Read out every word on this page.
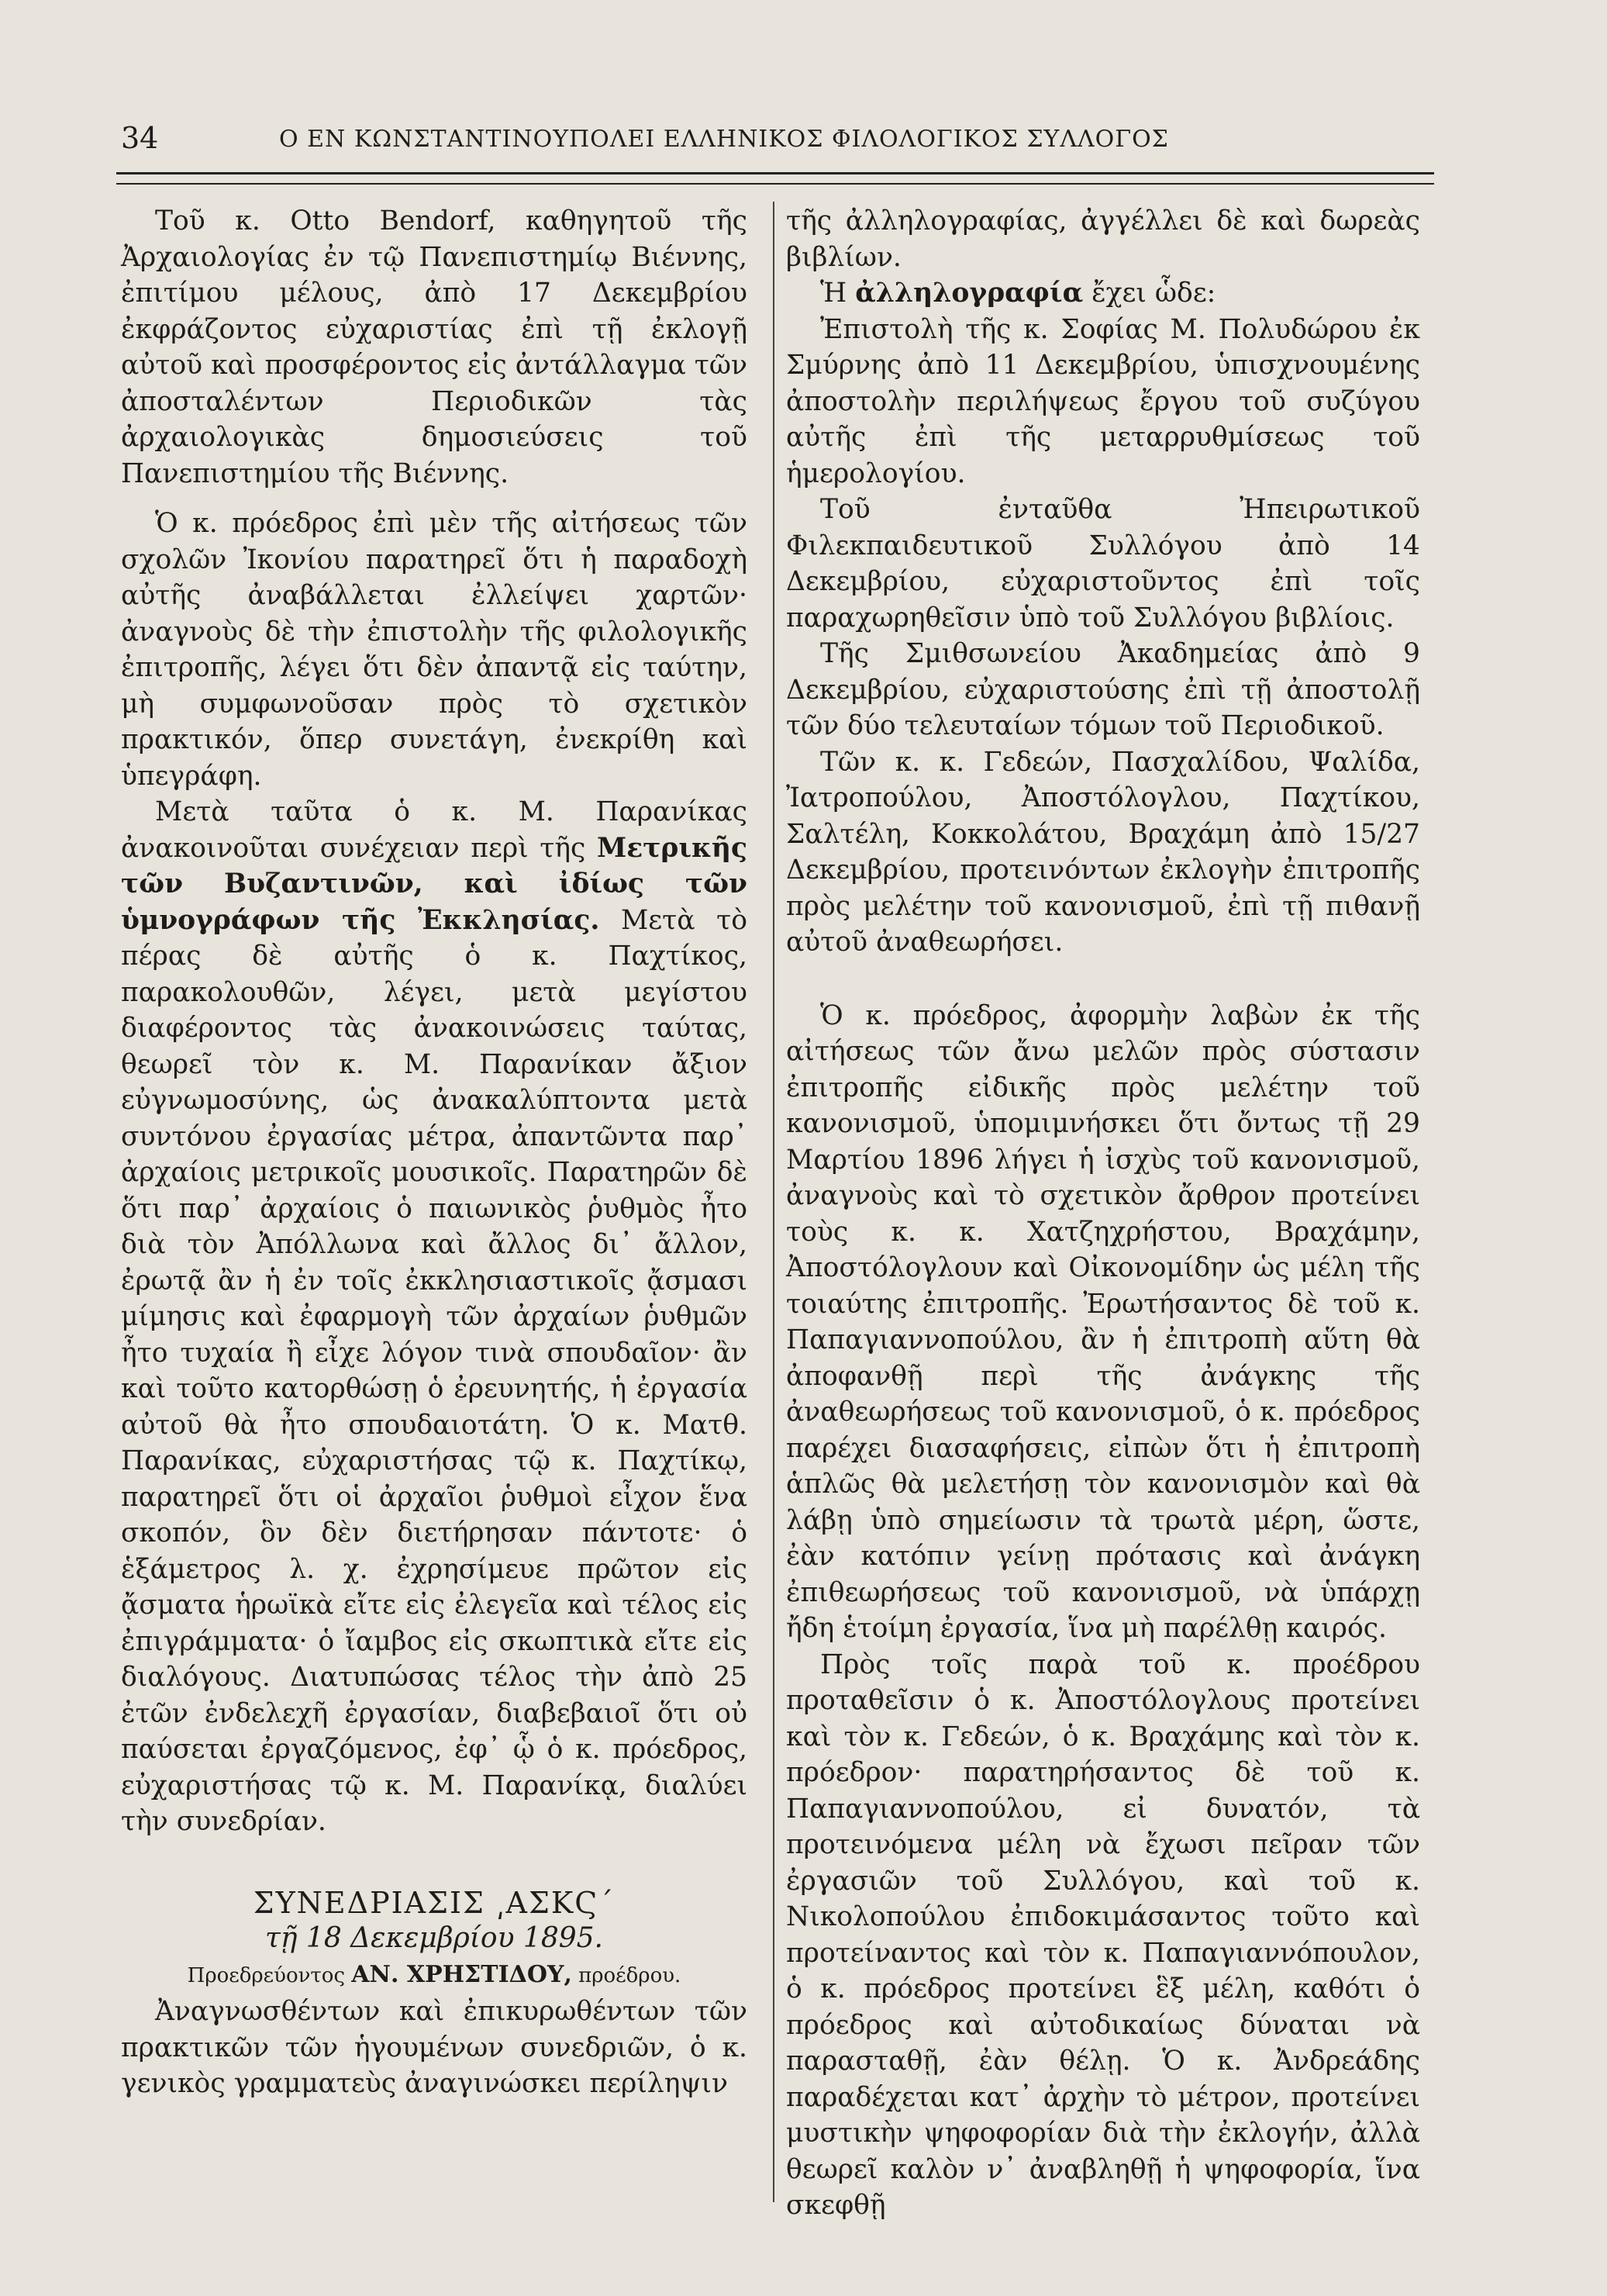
34	Ο ΕΝ ΚΩΝΣΤΑΝΤΙΝΟΥΠΟΛΕΙ ΕΛΛΗΝΙΚΟΣ ΦΙΛΟΛΟΓΙΚΟΣ ΣΥΛΛΟΓΟΣ

Τοῦ κ. Otto Bendorf, καθηγητοῦ τῆς Ἀρχαιολογίας ἐν τῷ Πανεπιστημίῳ Βιέννης, ἐπιτίμου μέλους, ἀπὸ 17 Δεκεμβρίου ἐκφράζοντος εὐχαριστίας ἐπὶ τῇ ἐκλογῇ αὐτοῦ καὶ προσφέροντος εἰς ἀντάλλαγμα τῶν ἀποσταλέντων Περιοδικῶν τὰς ἀρχαιολογικὰς δημοσιεύσεις τοῦ Πανεπιστημίου τῆς Βιέννης.

Ὁ κ. πρόεδρος ἐπὶ μὲν τῆς αἰτήσεως τῶν σχολῶν Ἰκονίου παρατηρεῖ ὅτι ἡ παραδοχὴ αὐτῆς ἀναβάλλεται ἐλλείψει χαρτῶν· ἀναγνοὺς δὲ τὴν ἐπιστολὴν τῆς φιλολογικῆς ἐπιτροπῆς, λέγει ὅτι δὲν ἀπαντᾷ εἰς ταύτην, μὴ συμφωνοῦσαν πρὸς τὸ σχετικὸν πρακτικόν, ὅπερ συνετάγη, ἐνεκρίθη καὶ ὑπεγράφη.

Μετὰ ταῦτα ὁ κ. Μ. Παρανίκας ἀνακοινοῦται συνέχειαν περὶ τῆς Μετρικῆς τῶν Βυζαντινῶν, καὶ ἰδίως τῶν ὑμνογράφων τῆς Ἐκκλησίας. Μετὰ τὸ πέρας δὲ αὐτῆς ὁ κ. Παχτίκος, παρακολουθῶν, λέγει, μετὰ μεγίστου διαφέροντος τὰς ἀνακοινώσεις ταύτας, θεωρεῖ τὸν κ. Μ. Παρανίκαν ἄξιον εὐγνωμοσύνης, ὡς ἀνακαλύπτοντα μετὰ συντόνου ἐργασίας μέτρα, ἀπαντῶντα παρ᾽ ἀρχαίοις μετρικοῖς μουσικοῖς. Παρατηρῶν δὲ ὅτι παρ᾽ ἀρχαίοις ὁ παιωνικὸς ῥυθμὸς ἦτο διὰ τὸν Ἀπόλλωνα καὶ ἄλλος δι᾽ ἄλλον, ἐρωτᾷ ἂν ἡ ἐν τοῖς ἐκκλησιαστικοῖς ᾄσμασι μίμησις καὶ ἐφαρμογὴ τῶν ἀρχαίων ῥυθμῶν ἦτο τυχαία ἢ εἶχε λόγον τινὰ σπουδαῖον· ἂν καὶ τοῦτο κατορθώσῃ ὁ ἐρευνητής, ἡ ἐργασία αὐτοῦ θὰ ἦτο σπουδαιοτάτη. Ὁ κ. Ματθ. Παρανίκας, εὐχαριστήσας τῷ κ. Παχτίκῳ, παρατηρεῖ ὅτι οἱ ἀρχαῖοι ῥυθμοὶ εἶχον ἕνα σκοπόν, ὃν δὲν διετήρησαν πάντοτε· ὁ ἑξάμετρος λ. χ. ἐχρησίμευε πρῶτον εἰς ᾄσματα ἡρωϊκὰ εἴτε εἰς ἐλεγεῖα καὶ τέλος εἰς ἐπιγράμματα· ὁ ἴαμβος εἰς σκωπτικὰ εἴτε εἰς διαλόγους. Διατυπώσας τέλος τὴν ἀπὸ 25 ἐτῶν ἐνδελεχῆ ἐργασίαν, διαβεβαιοῖ ὅτι οὐ παύσεται ἐργαζόμενος, ἐφ᾽ ᾧ ὁ κ. πρόεδρος, εὐχαριστήσας τῷ κ. Μ. Παρανίκᾳ, διαλύει τὴν συνεδρίαν.

ΣΥΝΕΔΡΙΑΣΙΣ ͵ΑΣΚϚ΄

τῇ 18 Δεκεμβρίου 1895.

Προεδρεύοντος ΑΝ. ΧΡΗΣΤΙΔΟΥ, προέδρου.

Ἀναγνωσθέντων καὶ ἐπικυρωθέντων τῶν πρακτικῶν τῶν ἡγουμένων συνεδριῶν, ὁ κ. γενικὸς γραμματεὺς ἀναγινώσκει περίληψιν

τῆς ἀλληλογραφίας, ἀγγέλλει δὲ καὶ δωρεὰς βιβλίων.

Ἡ ἀλληλογραφία ἔχει ὧδε:

Ἐπιστολὴ τῆς κ. Σοφίας Μ. Πολυδώρου ἐκ Σμύρνης ἀπὸ 11 Δεκεμβρίου, ὑπισχνουμένης ἀποστολὴν περιλήψεως ἔργου τοῦ συζύγου αὐτῆς ἐπὶ τῆς μεταρρυθμίσεως τοῦ ἡμερολογίου.

Τοῦ ἐνταῦθα Ἠπειρωτικοῦ Φιλεκπαιδευτικοῦ Συλλόγου ἀπὸ 14 Δεκεμβρίου, εὐχαριστοῦντος ἐπὶ τοῖς παραχωρηθεῖσιν ὑπὸ τοῦ Συλλόγου βιβλίοις.

Τῆς Σμιθσωνείου Ἀκαδημείας ἀπὸ 9 Δεκεμβρίου, εὐχαριστούσης ἐπὶ τῇ ἀποστολῇ τῶν δύο τελευταίων τόμων τοῦ Περιοδικοῦ.

Τῶν κ. κ. Γεδεών, Πασχαλίδου, Ψαλίδα, Ἰατροπούλου, Ἀποστόλογλου, Παχτίκου, Σαλτέλη, Κοκκολάτου, Βραχάμη ἀπὸ 15/27 Δεκεμβρίου, προτεινόντων ἐκλογὴν ἐπιτροπῆς πρὸς μελέτην τοῦ κανονισμοῦ, ἐπὶ τῇ πιθανῇ αὐτοῦ ἀναθεωρήσει.

Ὁ κ. πρόεδρος, ἀφορμὴν λαβὼν ἐκ τῆς αἰτήσεως τῶν ἄνω μελῶν πρὸς σύστασιν ἐπιτροπῆς εἰδικῆς πρὸς μελέτην τοῦ κανονισμοῦ, ὑπομιμνήσκει ὅτι ὄντως τῇ 29 Μαρτίου 1896 λήγει ἡ ἰσχὺς τοῦ κανονισμοῦ, ἀναγνοὺς καὶ τὸ σχετικὸν ἄρθρον προτείνει τοὺς κ. κ. Χατζηχρήστου, Βραχάμην, Ἀποστόλογλουν καὶ Οἰκονομίδην ὡς μέλη τῆς τοιαύτης ἐπιτροπῆς. Ἐρωτήσαντος δὲ τοῦ κ. Παπαγιαννοπούλου, ἂν ἡ ἐπιτροπὴ αὕτη θὰ ἀποφανθῇ περὶ τῆς ἀνάγκης τῆς ἀναθεωρήσεως τοῦ κανονισμοῦ, ὁ κ. πρόεδρος παρέχει διασαφήσεις, εἰπὼν ὅτι ἡ ἐπιτροπὴ ἁπλῶς θὰ μελετήσῃ τὸν κανονισμὸν καὶ θὰ λάβῃ ὑπὸ σημείωσιν τὰ τρωτὰ μέρη, ὥστε, ἐὰν κατόπιν γείνῃ πρότασις καὶ ἀνάγκη ἐπιθεωρήσεως τοῦ κανονισμοῦ, νὰ ὑπάρχῃ ἤδη ἑτοίμη ἐργασία, ἵνα μὴ παρέλθῃ καιρός.

Πρὸς τοῖς παρὰ τοῦ κ. προέδρου προταθεῖσιν ὁ κ. Ἀποστόλογλους προτείνει καὶ τὸν κ. Γεδεών, ὁ κ. Βραχάμης καὶ τὸν κ. πρόεδρον· παρατηρήσαντος δὲ τοῦ κ. Παπαγιαννοπούλου, εἰ δυνατόν, τὰ προτεινόμενα μέλη νὰ ἔχωσι πεῖραν τῶν ἐργασιῶν τοῦ Συλλόγου, καὶ τοῦ κ. Νικολοπούλου ἐπιδοκιμάσαντος τοῦτο καὶ προτείναντος καὶ τὸν κ. Παπαγιαννόπουλον, ὁ κ. πρόεδρος προτείνει ἓξ μέλη, καθότι ὁ πρόεδρος καὶ αὐτοδικαίως δύναται νὰ παρασταθῇ, ἐὰν θέλῃ. Ὁ κ. Ἀνδρεάδης παραδέχεται κατ᾽ ἀρχὴν τὸ μέτρον, προτείνει μυστικὴν ψηφοφορίαν διὰ τὴν ἐκλογήν, ἀλλὰ θεωρεῖ καλὸν ν᾽ ἀναβληθῇ ἡ ψηφοφορία, ἵνα σκεφθῇ
